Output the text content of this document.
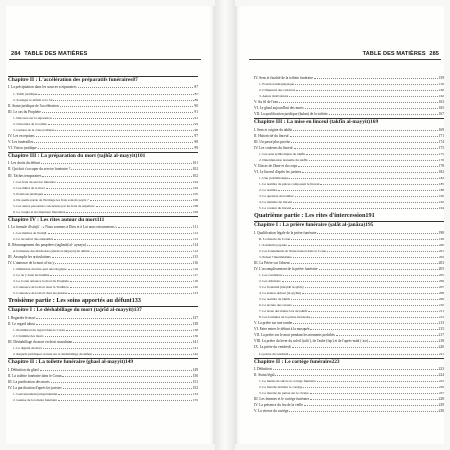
284 TABLE DES MATIÈRES
Chapitre II : L'accélération des préparatifs funéraires 87
I. La précipitation dans les sources scripturaires	87
1. Tafsīr juridique	87
2. Soulager le défunt et la foi	89
II. Statut juridique de l'accélération	90
III. Le cas du Prophète	91
1. Discours sur la séparation	91
2. Ouverture de la tombe	93
3. Gestion de la crise politique	96
IV. Les exceptions	97
V. Les funérailles	98
VI. Vision juridique	99
Chapitre III : La préparation du mort (tajhīz al-mayyit) 101
I. Les droits du défunt	101
II. Qui doit s'occuper du service funéraire ?	102
III. Tâches temporaires	102
1. Les frais du service funéraire	104
2. Les mâles de la mort	104
3. Positions juridiques	105
4. De quelle partie de l'héritage les frais sont-ils payés ?	106
5. Les autres personnes concernées par les frais de sépulture	108
6. Le couple et les dépenses funéraires	109
Chapitre IV : Les rites autour du mort 111
I. La formule d'istirjāʿ : « Nous sommes à Dieu et à Lui nous retournerons »	111
1. Les mérites de l'istirjāʿ	112
2. Le réconfort des endeuillés	113
II. Réarrangement des paupières (taghmīḍ al-ʿaynayn)	114
et fermeture des mâchoires (shadd al-laḥyayn) du défunt	114
III. Assouplir les articulations	115
IV. L'annonce de la mort al-naʿy	116
1. Définition du faire-part nécrologique	116
2. Le naʿy dans les hadiths	117
3. Le Coran annonce la mort du Prophète	118
4. L'annonce de la mort dans la Tradition	120
5. L'annonce de la mort chez les juristes	123
Troisième partie : Les soins apportés au défunt 133
Chapitre I : Le déshabillage du mort (tajrīd al-mayyit) 137
I. Regarder le mort	137
II. Le regard tabou	138
1. Prohibition du regard dans le Coran	138
2. L'intimité des morts	139
III. Déshabillage du mort en droit musulman	141
1. La dignité du mort	141
2. Regards juridiques croisés sur le déshabillage du défunt	142
Chapitre II : La toilette funéraire (ghasl al-mayyit) 149
I. Définition du ghasl	149
II. La toilette funéraire dans le Coran	150
III. La purification des morts	151
IV. La purification d'après les juristes	152
1. Gouvernement jurisprudentiel	153
2. Genèse de la toilette funéraire	155
TABLE DES MATIÈRES 285
IV. Sens et finalité de la toilette funéraire	159
1. Fonction métaphysique	159
2. L'impureté des cadavres	160
3. Autres motivations	162
V. Au fil de l'eau	163
VI. Le ghasl aujourd'hui des morts	165
VII. La qualification juridique (ḥukm) de la toilette	167
Chapitre III : La mise en linceul (takfīn al-mayyit) 169
I. Sens et origine du takfīn	169
II. Historicité du linceul	171
III. Un passé plus proche	174
IV. Les couleurs du linceul	175
1. Les sens symboliques du takfīn	175
2. Détermination textuelle du takfīn	176
V. Glaces de l'âme et du corps	178
VI. Le linceul d'après les juristes	182
1. Une problématique	184
1. Le nombre de pièces composant le linceul	185
2. Le nombre	188
3. La question du nombre	190
4. La manière du linceul	192
5. La couleur du linceul	194
Quatrième partie : Les rites d'intercession 191
Chapitre I : La prière funéraire (ṣalāt al-janāza) 195
I. Qualification légale de la prière funéraire	198
II. La théorie du Coran	199
1. Solidarité payante	200
2. Les fondements de l'intercession dans le Coran	201
3. Penser l'intermédiaire	202
III. La Prière sur l'absent	203
IV. L'accomplissement de la prière funéraire	205
1. Les conditions	205
2. Les ablutions	206
3. La frontalité (istiqbāl al-qibla)	207
4. La station debout (al-qiyām)	208
5. Le nombre de takbīr	209
6. La lecture des versets	210
7. La levée des mains lors du takbīr	211
8. Les formules de la prière mortuaire	212
V. La prière sur une tombe	213
VI. Faire entrer le défunt à la mosquée	215
VII. La prière sur le mort pendant les moments prohibés	217
VIII. La prière du lever du soleil (ṭulūʿ), de l'aube (fajr) et de l'après-midi (ʿaṣr)	218
IX. La prière du vendredi	220
La prière du vendredi	221
Chapitre II : Le cortège funéraire 223
I. Définition	223
II. Statut légal	224
1. Le mérite de suivre le cortège funéraire	225
2. La marche derrière le cortège	226
3. La marche du piéton sur le civière	227
III. Les femmes et le cortège funéraire	228
IV. La présence du feu de la veille	229
V. La vitesse du cortège	230
